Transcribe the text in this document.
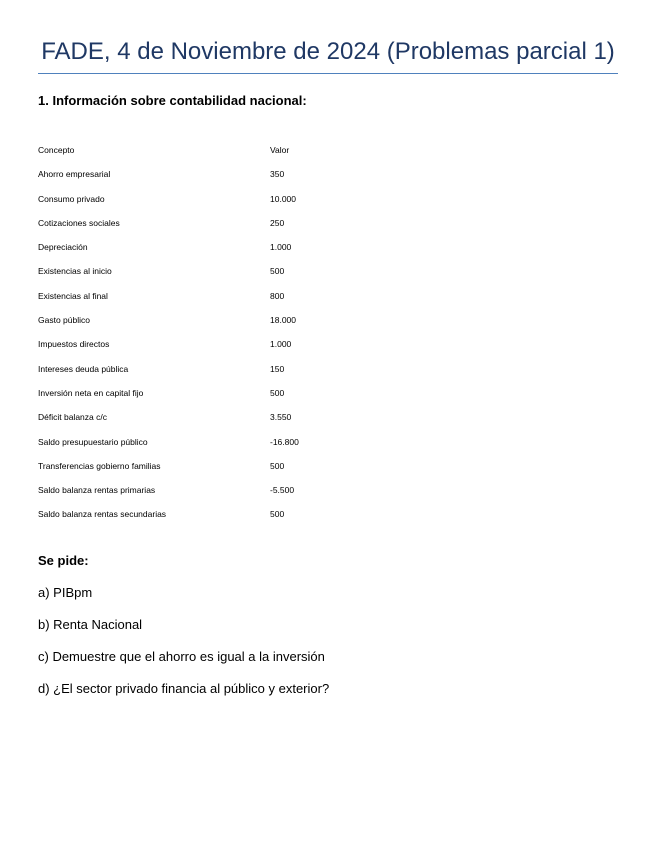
FADE, 4 de Noviembre de 2024 (Problemas parcial 1)
1. Información sobre contabilidad nacional:
Concepto	Valor
Ahorro empresarial	350
Consumo privado	10.000
Cotizaciones sociales	250
Depreciación	1.000
Existencias al inicio	500
Existencias al final	800
Gasto público	18.000
Impuestos directos	1.000
Intereses deuda pública	150
Inversión neta en capital fijo	500
Déficit balanza c/c	3.550
Saldo presupuestario público	-16.800
Transferencias gobierno familias	500
Saldo balanza rentas primarias	-5.500
Saldo balanza rentas secundarias	500
Se pide:
a) PIBpm
b) Renta Nacional
c) Demuestre que el ahorro es igual a la inversión
d) ¿El sector privado financia al público y exterior?
